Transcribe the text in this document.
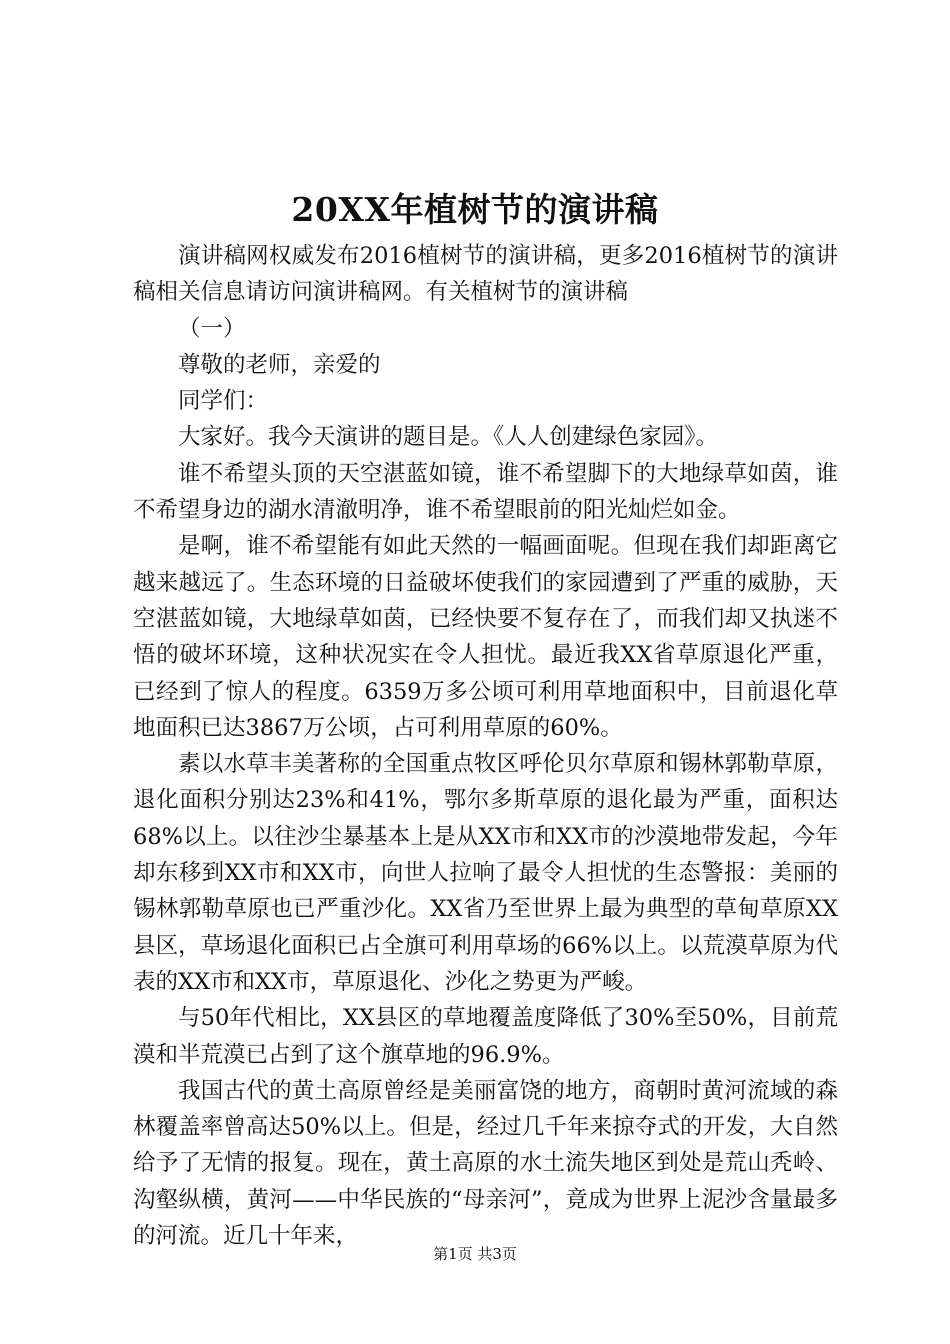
20XX年植树节的演讲稿

演讲稿网权威发布2016植树节的演讲稿，更多2016植树节的演讲稿相关信息请访问演讲稿网。有关植树节的演讲稿

（一）

尊敬的老师，亲爱的

同学们：

大家好。我今天演讲的题目是。《人人创建绿色家园》。

谁不希望头顶的天空湛蓝如镜，谁不希望脚下的大地绿草如茵，谁不希望身边的湖水清澈明净，谁不希望眼前的阳光灿烂如金。

是啊，谁不希望能有如此天然的一幅画面呢。但现在我们却距离它越来越远了。生态环境的日益破坏使我们的家园遭到了严重的威胁，天空湛蓝如镜，大地绿草如茵，已经快要不复存在了，而我们却又执迷不悟的破坏环境，这种状况实在令人担忧。最近我XX省草原退化严重，已经到了惊人的程度。6359万多公顷可利用草地面积中，目前退化草地面积已达3867万公顷，占可利用草原的60%。

素以水草丰美著称的全国重点牧区呼伦贝尔草原和锡林郭勒草原，退化面积分别达23%和41%，鄂尔多斯草原的退化最为严重，面积达68%以上。以往沙尘暴基本上是从XX市和XX市的沙漠地带发起，今年却东移到XX市和XX市，向世人拉响了最令人担忧的生态警报：美丽的锡林郭勒草原也已严重沙化。XX省乃至世界上最为典型的草甸草原XX县区，草场退化面积已占全旗可利用草场的66%以上。以荒漠草原为代表的XX市和XX市，草原退化、沙化之势更为严峻。

与50年代相比，XX县区的草地覆盖度降低了30%至50%，目前荒漠和半荒漠已占到了这个旗草地的96.9%。

我国古代的黄土高原曾经是美丽富饶的地方，商朝时黄河流域的森林覆盖率曾高达50%以上。但是，经过几千年来掠夺式的开发，大自然给予了无情的报复。现在，黄土高原的水土流失地区到处是荒山秃岭、沟壑纵横，黄河——中华民族的“母亲河”，竟成为世界上泥沙含量最多的河流。近几十年来，

第1页 共3页
